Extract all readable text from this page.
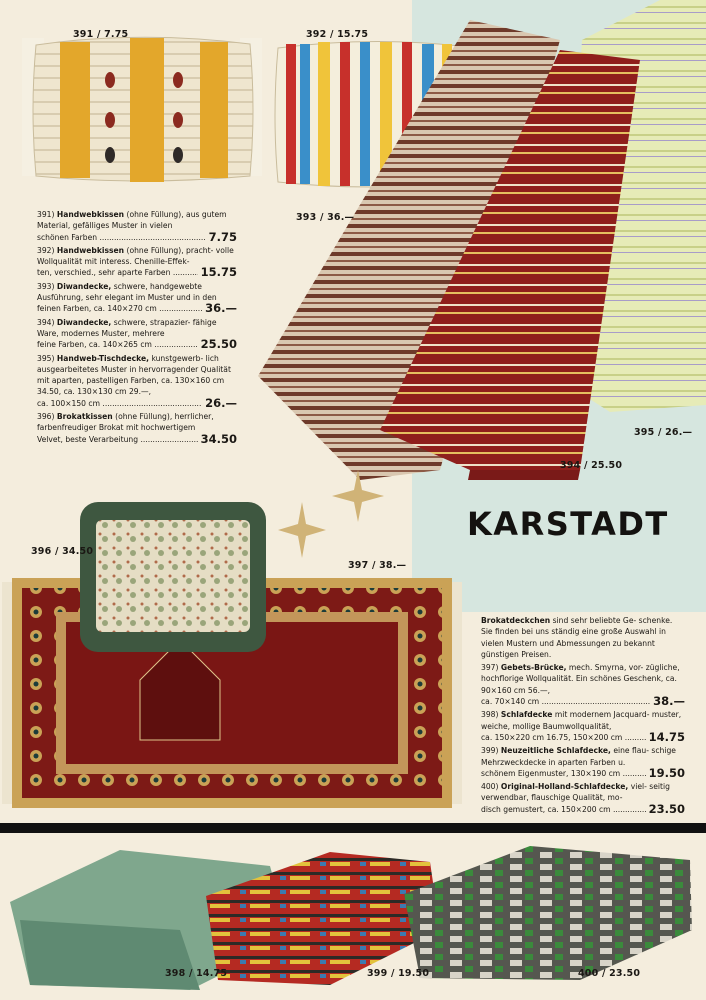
391 / 7.75	392 / 15.75
393 / 36.—
394 / 25.50
395 / 26.—
396 / 34.50
397 / 38.—
398 / 14.75	399 / 19.50	400 / 23.50

391) Handwebkissen (ohne Füllung), aus gutem Material, gefälliges Muster in vielen
schönen Farben .....	7.75

392) Handwebkissen (ohne Füllung), pracht- volle Wollqualität mit interess. Chenille-Effek-
ten, verschied., sehr aparte Farben .....	15.75

393) Diwandecke, schwere, handgewebte Ausführung, sehr elegant im Muster und in den
feinen Farben, ca. 140×270 cm .....	36.—

394) Diwandecke, schwere, strapazier- fähige Ware, modernes Muster, mehrere
feine Farben, ca. 140×265 cm .....	25.50

395) Handweb-Tischdecke, kunstgewerb- lich ausgearbeitetes Muster in hervorragender Qualität mit aparten, pastelligen Farben, ca. 130×160 cm 34.50, ca. 130×130 cm 29.—,
ca. 100×150 cm .....	26.—

396) Brokatkissen (ohne Füllung), herrlicher, farbenfreudiger Brokat mit hochwertigem
Velvet, beste Verarbeitung .....	34.50

KARSTADT

Brokatdeckchen sind sehr beliebte Ge- schenke. Sie finden bei uns ständig eine große Auswahl in vielen Mustern und Abmessungen zu bekannt günstigen Preisen.

397) Gebets-Brücke, mech. Smyrna, vor- zügliche, hochflorige Wollqualität. Ein schönes Geschenk, ca. 90×160 cm 56.—,
ca. 70×140 cm .....	38.—

398) Schlafdecke mit modernem Jacquard- muster, weiche, mollige Baumwollqualität,
ca. 150×220 cm 16.75, 150×200 cm .....	14.75

399) Neuzeitliche Schlafdecke, eine flau- schige Mehrzweckdecke in aparten Farben u.
schönem Eigenmuster, 130×190 cm .....	19.50

400) Original-Holland-Schlafdecke, viel- seitig verwendbar, flauschige Qualität, mo-
disch gemustert, ca. 150×200 cm .....	23.50
